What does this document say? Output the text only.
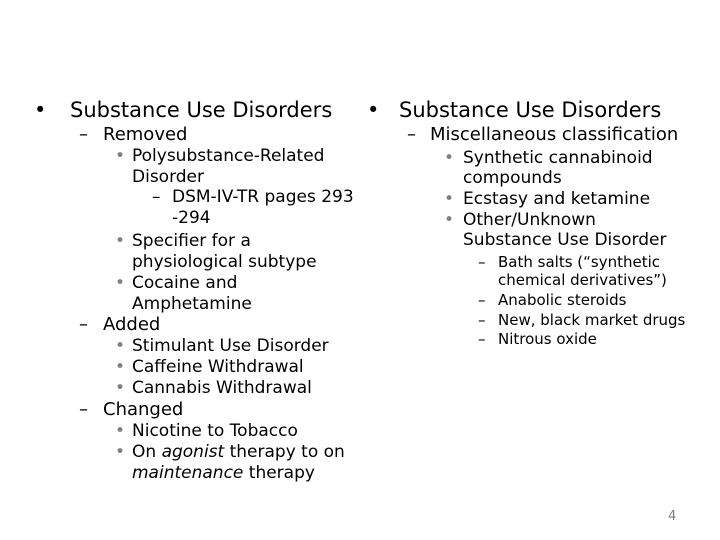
• Substance Use Disorders
– Removed
• Polysubstance-Related
Disorder
– DSM-IV-TR pages 293
-294
• Specifier for a
physiological subtype
• Cocaine and
Amphetamine
– Added
• Stimulant Use Disorder
• Caffeine Withdrawal
• Cannabis Withdrawal
– Changed
• Nicotine to Tobacco
• On agonist therapy to on
maintenance therapy
• Substance Use Disorders
– Miscellaneous classification
• Synthetic cannabinoid
compounds
• Ecstasy and ketamine
• Other/Unknown
Substance Use Disorder
– Bath salts (“synthetic
chemical derivatives”)
– Anabolic steroids
– New, black market drugs
– Nitrous oxide
4
